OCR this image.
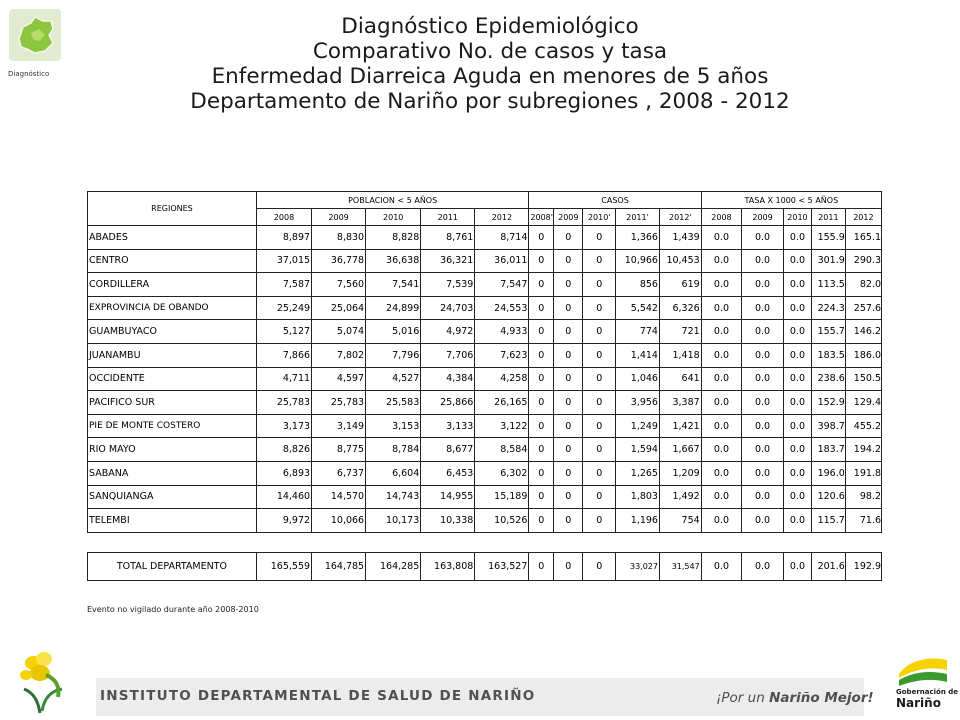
Diagnóstico
Diagnóstico Epidemiológico
Comparativo No. de casos y tasa
Enfermedad Diarreica Aguda en menores de 5 años
Departamento de Nariño por subregiones , 2008 - 2012
REGIONES	POBLACION < 5 AÑOS					CASOS					TASA X 1000 < 5 AÑOS				
	2008	2009	2010	2011	2012	2008'	2009	2010'	2011'	2012'	2008	2009	2010	2011	2012
ABADES	8,897	8,830	8,828	8,761	8,714	0	0	0	1,366	1,439	0.0	0.0	0.0	155.9	165.1
CENTRO	37,015	36,778	36,638	36,321	36,011	0	0	0	10,966	10,453	0.0	0.0	0.0	301.9	290.3
CORDILLERA	7,587	7,560	7,541	7,539	7,547	0	0	0	856	619	0.0	0.0	0.0	113.5	82.0
EXPROVINCIA DE OBANDO	25,249	25,064	24,899	24,703	24,553	0	0	0	5,542	6,326	0.0	0.0	0.0	224.3	257.6
GUAMBUYACO	5,127	5,074	5,016	4,972	4,933	0	0	0	774	721	0.0	0.0	0.0	155.7	146.2
JUANAMBU	7,866	7,802	7,796	7,706	7,623	0	0	0	1,414	1,418	0.0	0.0	0.0	183.5	186.0
OCCIDENTE	4,711	4,597	4,527	4,384	4,258	0	0	0	1,046	641	0.0	0.0	0.0	238.6	150.5
PACIFICO SUR	25,783	25,783	25,583	25,866	26,165	0	0	0	3,956	3,387	0.0	0.0	0.0	152.9	129.4
PIE DE MONTE COSTERO	3,173	3,149	3,153	3,133	3,122	0	0	0	1,249	1,421	0.0	0.0	0.0	398.7	455.2
RIO MAYO	8,826	8,775	8,784	8,677	8,584	0	0	0	1,594	1,667	0.0	0.0	0.0	183.7	194.2
SABANA	6,893	6,737	6,604	6,453	6,302	0	0	0	1,265	1,209	0.0	0.0	0.0	196.0	191.8
SANQUIANGA	14,460	14,570	14,743	14,955	15,189	0	0	0	1,803	1,492	0.0	0.0	0.0	120.6	98.2
TELEMBI	9,972	10,066	10,173	10,338	10,526	0	0	0	1,196	754	0.0	0.0	0.0	115.7	71.6

TOTAL DEPARTAMENTO	165,559	164,785	164,285	163,808	163,527	0	0	0	33,027	31,547	0.0	0.0	0.0	201.6	192.9
Evento no vigilado durante año 2008-2010
INSTITUTO DEPARTAMENTAL DE SALUD DE NARIÑO	¡Por un Nariño Mejor!	Gobernación de
Nariño
